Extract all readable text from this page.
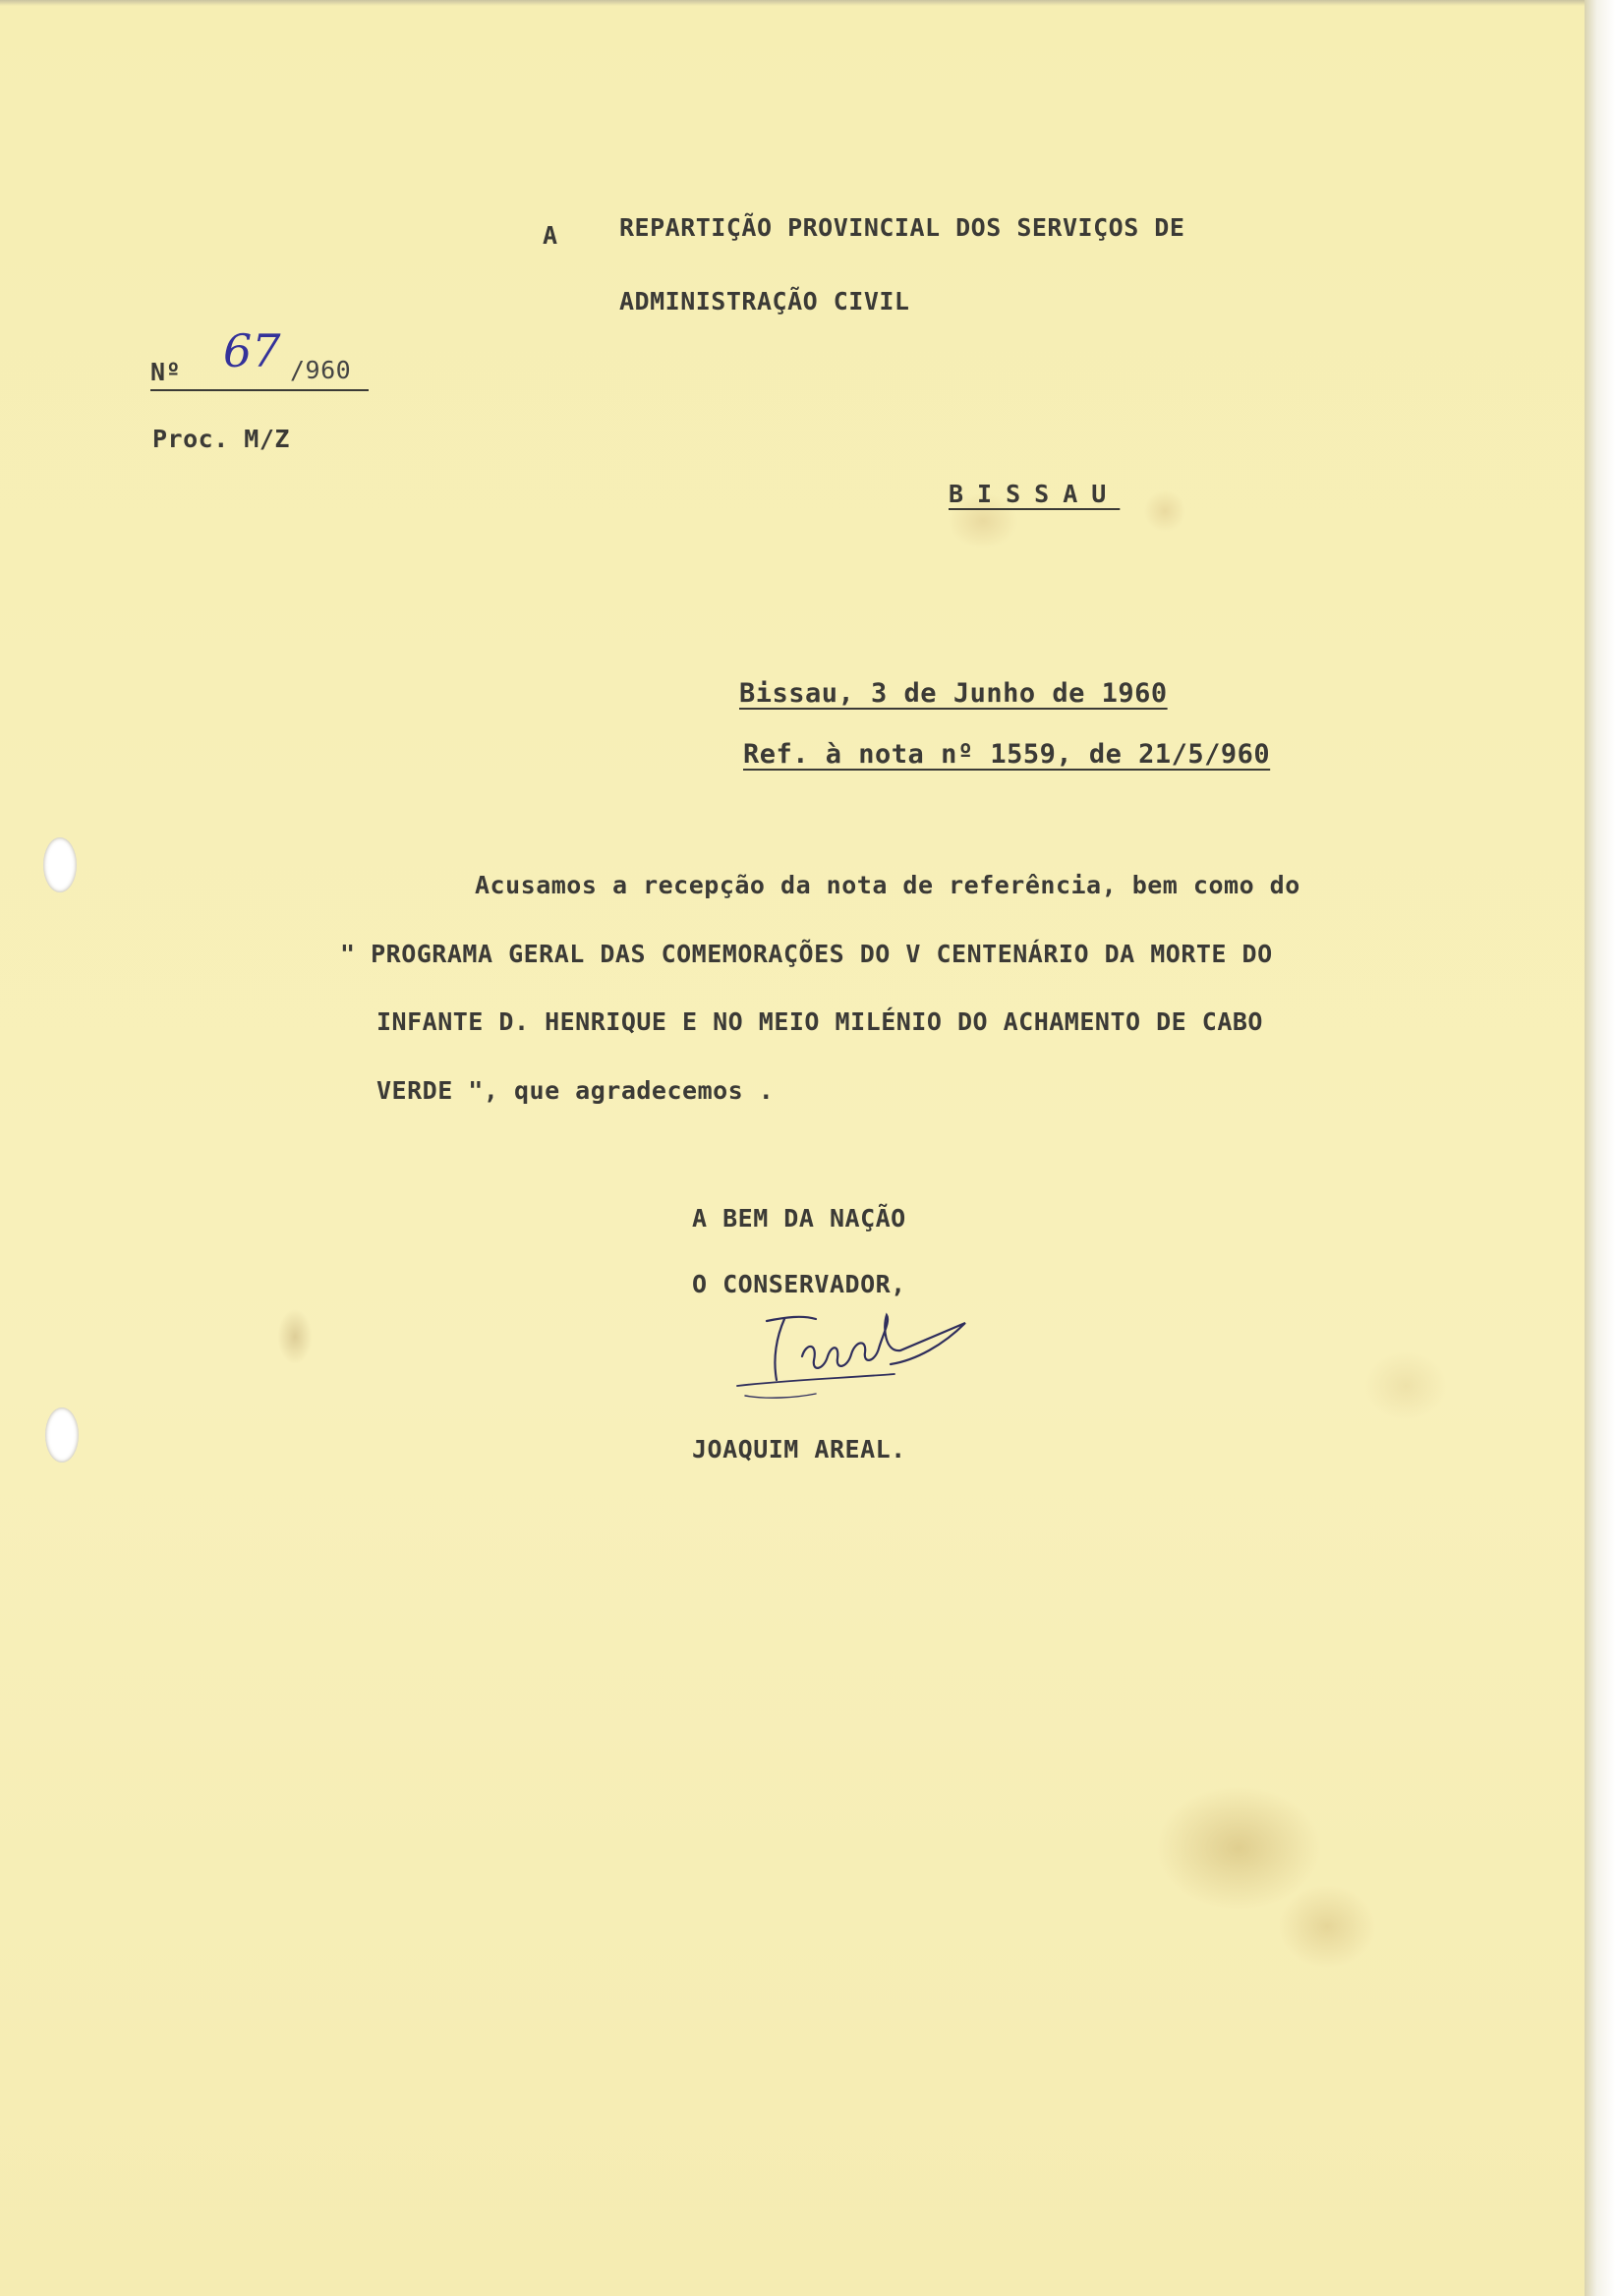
A REPARTIÇÃO PROVINCIAL DOS SERVIÇOS DE
ADMINISTRAÇÃO CIVIL
Nº 67 /960
Proc. M/Z
BISSAU
Bissau, 3 de Junho de 1960
Ref. à nota nº 1559, de 21/5/960
Acusamos a recepção da nota de referência, bem como do
" PROGRAMA GERAL DAS COMEMORAÇÕES DO V CENTENÁRIO DA MORTE DO
INFANTE D. HENRIQUE E NO MEIO MILÉNIO DO ACHAMENTO DE CABO
VERDE ", que agradecemos .
A BEM DA NAÇÃO
O CONSERVADOR,
JOAQUIM AREAL.
